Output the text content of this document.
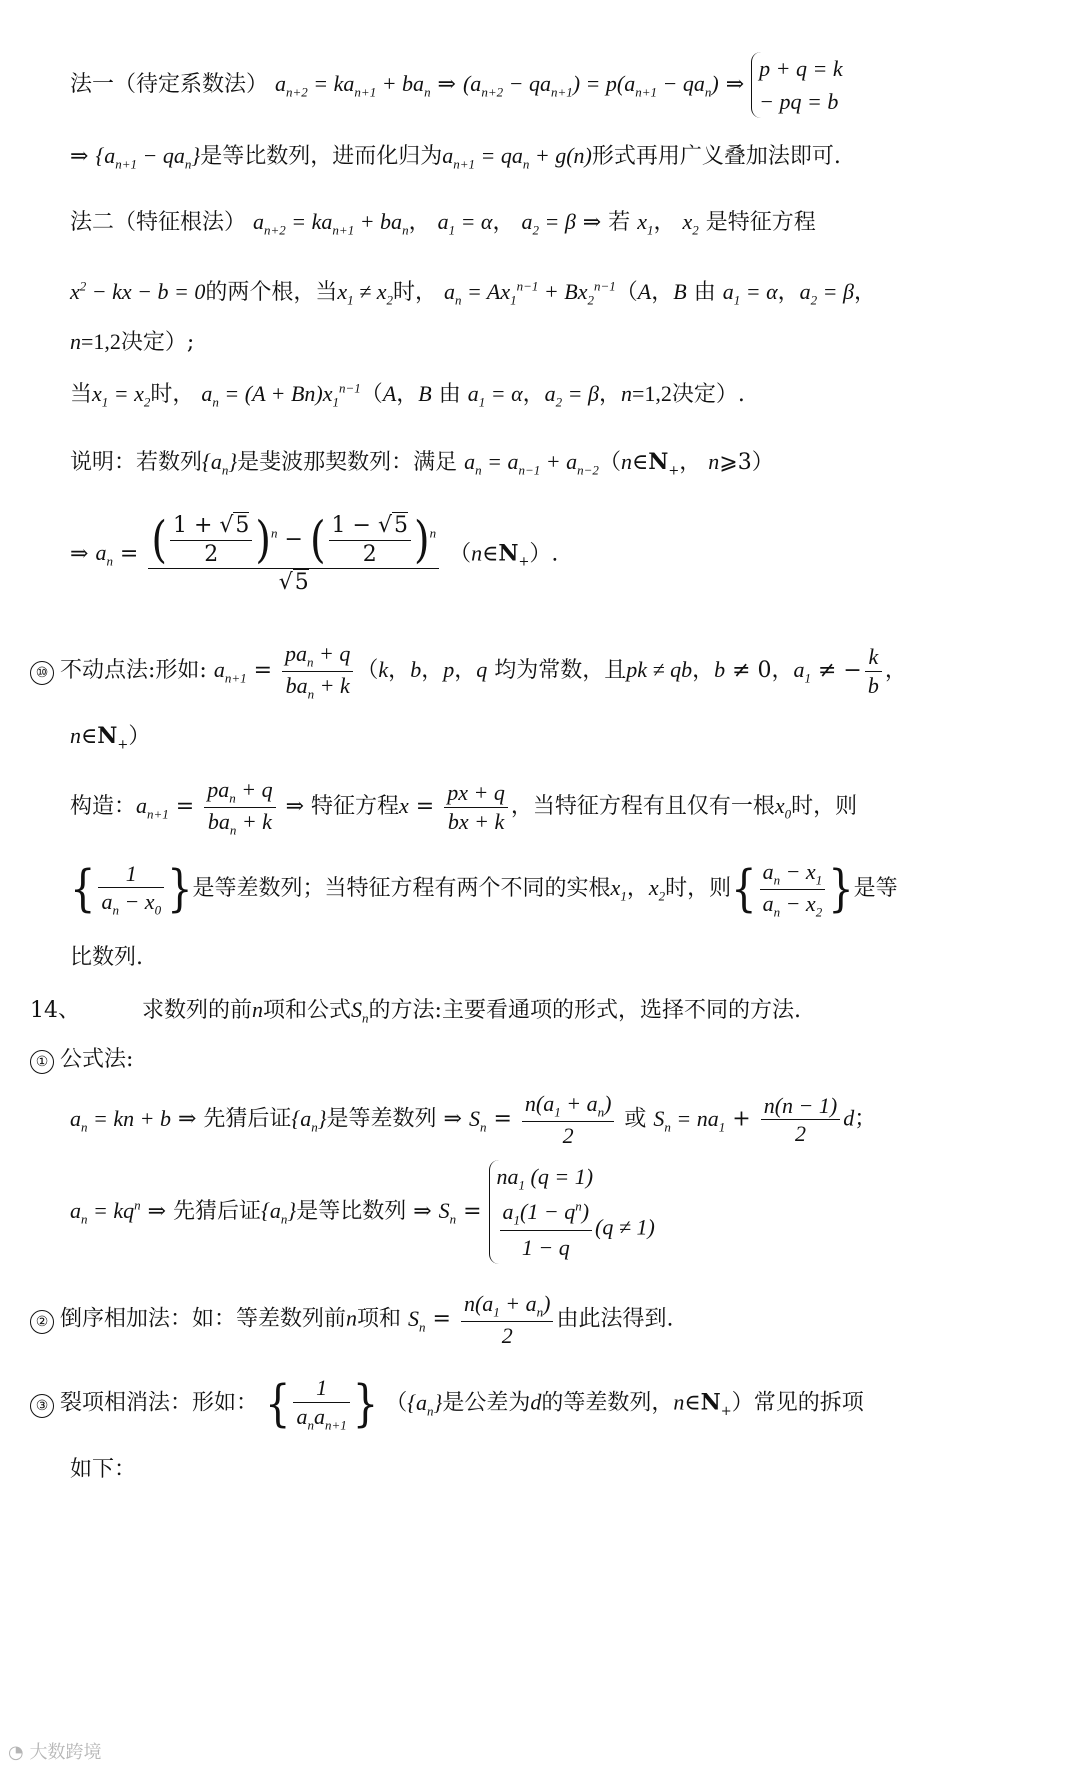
法一（待定系数法） $a_{n+2} = ka_{n+1} + ba_n$ ⇒ $(a_{n+2} - qa_{n+1}) = p(a_{n+1} - qa_n)$ ⇒
p + q = k
− pq = b
⇒ $\{a_{n+1} - qa_n\}$是等比数列，进而化归为$a_{n+1} = qa_n + g(n)$形式再用广义叠加法即可.
法二（特征根法） $a_{n+2} = ka_{n+1} + ba_n$， $a_1 = \alpha$， $a_2 = \beta$ ⇒ 若 $x_1$， $x_2$ 是特征方程
$x^2$ − kx − b = 0的两个根，当$x_1 \ne x_2$时， $a_n = Ax_1^{n-1} + Bx_2^{n-1}(A$，B 由 $a_1 = \alpha$，$a_2 = \beta$，
n=1,2决定）;
当$x_1 = x_2$时， $a_n = (A + Bn)x_1^{n-1}(A$，B 由 $a_1 = \alpha$，$a_2 = \beta$，n=1,2决定）.
说明：若数列$\{a_n\}$是斐波那契数列：满足 $a_n = a_{n-1}$ + $a_{n-2}(n\in N_+$， n⩾3）
⇒ $a_n = \frac{( \frac{1 + √5}{2} )^n - ( \frac{1 - √5}{2} )^n}{√5}$ $(n\in N_+)$.
⑩ 不动点法:形如: $a_{n+1} = \frac{pa_n + q}{ba_n + k} (k$，b，p，q 均为常数，且pk ≠ qb，b ≠ 0，$a_1$ ≠ − $\frac{k}{b}$ ，
$n\in N_+$）
构造：$a_{n+1} = \frac{pa_n + q}{ba_n + k}$ ⇒ 特征方程$x = \frac{px + q}{bx + k}$ ，当特征方程有且仅有一根$x_0$时，则
{ $\frac{1}{a_n - x_0}$ }是等差数列；当特征方程有两个不同的实根$x_1$，$x_2$时，则{ $\frac{a_n - x_1}{a_n - x_2}$ }是等
比数列.
14、	求数列的前n项和公式$S_n$的方法:主要看通项的形式，选择不同的方法.
① 公式法:
$a_n$ = kn + b ⇒ 先猜后证$\{a_n\}$是等差数列 ⇒ $S_n = \frac{n(a_1 + a_n)}{2}$ 或 $S_n = na_1 + \frac{n(n - 1)}{2}$ d；
$a_n = kq^n$ ⇒ 先猜后证$\{a_n\}$是等比数列 ⇒ $S_n$ =
$na_1$ (q = 1)
$\frac{a_1(1 - q^n)}{1 - q} (q \ne 1)$
② 倒序相加法：如：等差数列前n项和 $S_n = \frac{n(a_1 + a_n)}{2}$ 由此法得到.
③ 裂项相消法：形如： { $\frac{1}{a_na_{n+1}}$ } （$\{a_n\}$是公差为d的等差数列，$n\in N_+$）常见的拆项
如下：
◔ 大数跨境
